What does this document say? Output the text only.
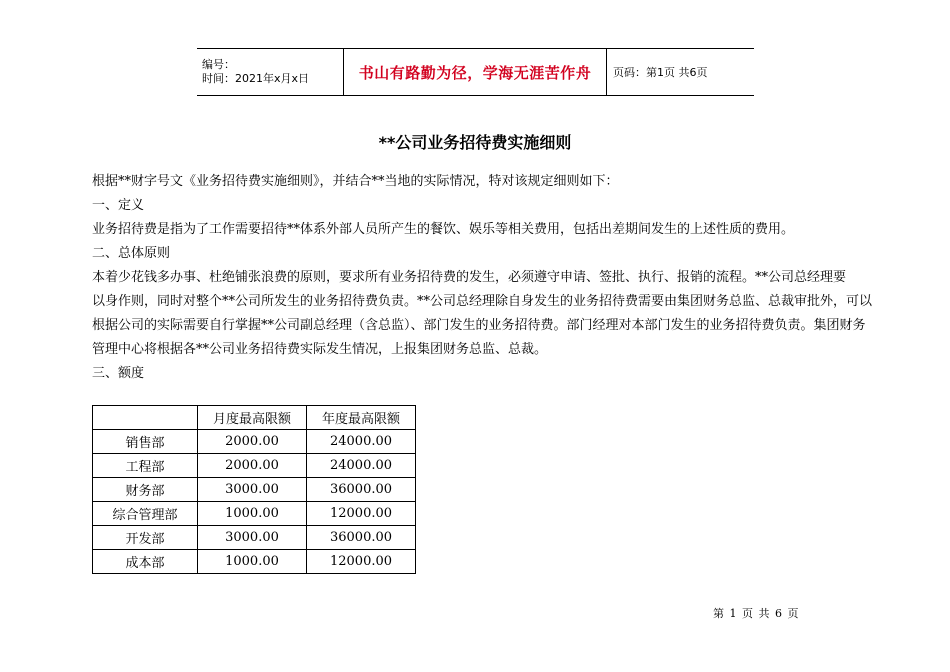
编号：
时间：2021年x月x日	书山有路勤为径，学海无涯苦作舟	页码：第1页 共6页
**公司业务招待费实施细则
根据**财字号文《业务招待费实施细则》，并结合**当地的实际情况，特对该规定细则如下：
一、定义
业务招待费是指为了工作需要招待**体系外部人员所产生的餐饮、娱乐等相关费用，包括出差期间发生的上述性质的费用。
二、总体原则
本着少花钱多办事、杜绝铺张浪费的原则，要求所有业务招待费的发生，必须遵守申请、签批、执行、报销的流程。**公司总经理要
以身作则，同时对整个**公司所发生的业务招待费负责。**公司总经理除自身发生的业务招待费需要由集团财务总监、总裁审批外，可以
根据公司的实际需要自行掌握**公司副总经理（含总监）、部门发生的业务招待费。部门经理对本部门发生的业务招待费负责。集团财务
管理中心将根据各**公司业务招待费实际发生情况，上报集团财务总监、总裁。
三、额度
	月度最高限额	年度最高限额
销售部	2000.00	24000.00
工程部	2000.00	24000.00
财务部	3000.00	36000.00
综合管理部	1000.00	12000.00
开发部	3000.00	36000.00
成本部	1000.00	12000.00
第 1 页 共 6 页
